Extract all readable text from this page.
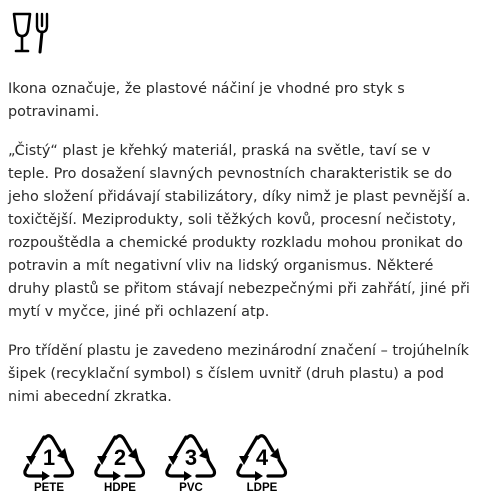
Ikona označuje, že plastové náčiní je vhodné pro styk s potravinami.

„Čistý“ plast je křehký materiál, praská na světle, taví se v teple. Pro dosažení slavných pevnostních charakteristik se do jeho složení přidávají stabilizátory, díky nimž je plast pevnější a. toxičtější. Meziprodukty, soli těžkých kovů, procesní nečistoty, rozpouštědla a chemické produkty rozkladu mohou pronikat do potravin a mít negativní vliv na lidský organismus. Některé druhy plastů se přitom stávají nebezpečnými při zahřátí, jiné při mytí v myčce, jiné při ochlazení atp.

Pro třídění plastu je zavedeno mezinárodní značení – trojúhelník šipek (recyklační symbol) s číslem uvnitř (druh plastu) a pod nimi abecední zkratka.

1
PETE
2
HDPE
3
PVC
4
LDPE
